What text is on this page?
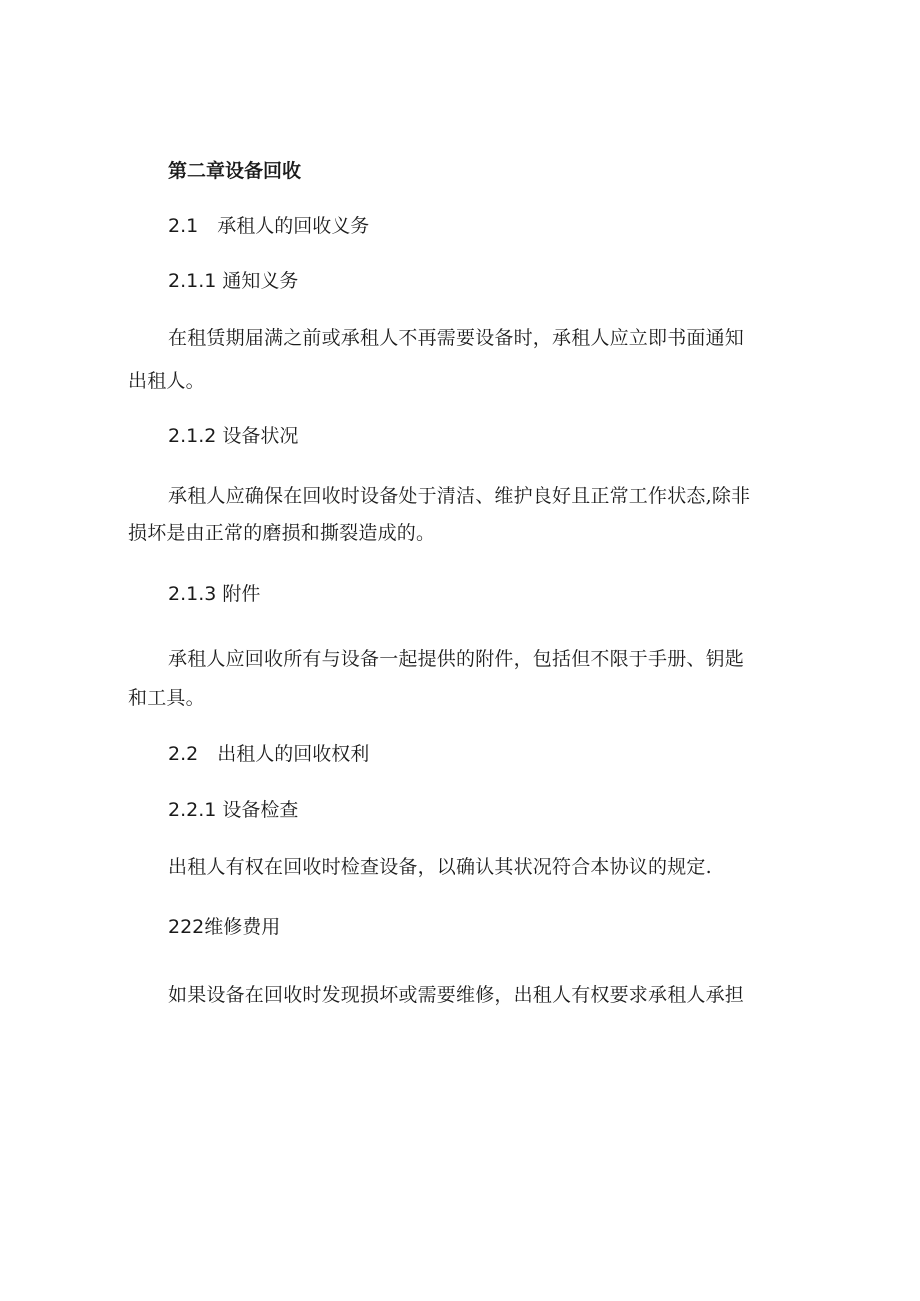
第二章设备回收
2.1　承租人的回收义务
2.1.1 通知义务
在租赁期届满之前或承租人不再需要设备时，承租人应立即书面通知
出租人。
2.1.2 设备状况
承租人应确保在回收时设备处于清洁、维护良好且正常工作状态,除非
损坏是由正常的磨损和撕裂造成的。
2.1.3 附件
承租人应回收所有与设备一起提供的附件，包括但不限于手册、钥匙
和工具。
2.2　出租人的回收权利
2.2.1 设备检查
出租人有权在回收时检查设备，以确认其状况符合本协议的规定.
222维修费用
如果设备在回收时发现损坏或需要维修，出租人有权要求承租人承担
